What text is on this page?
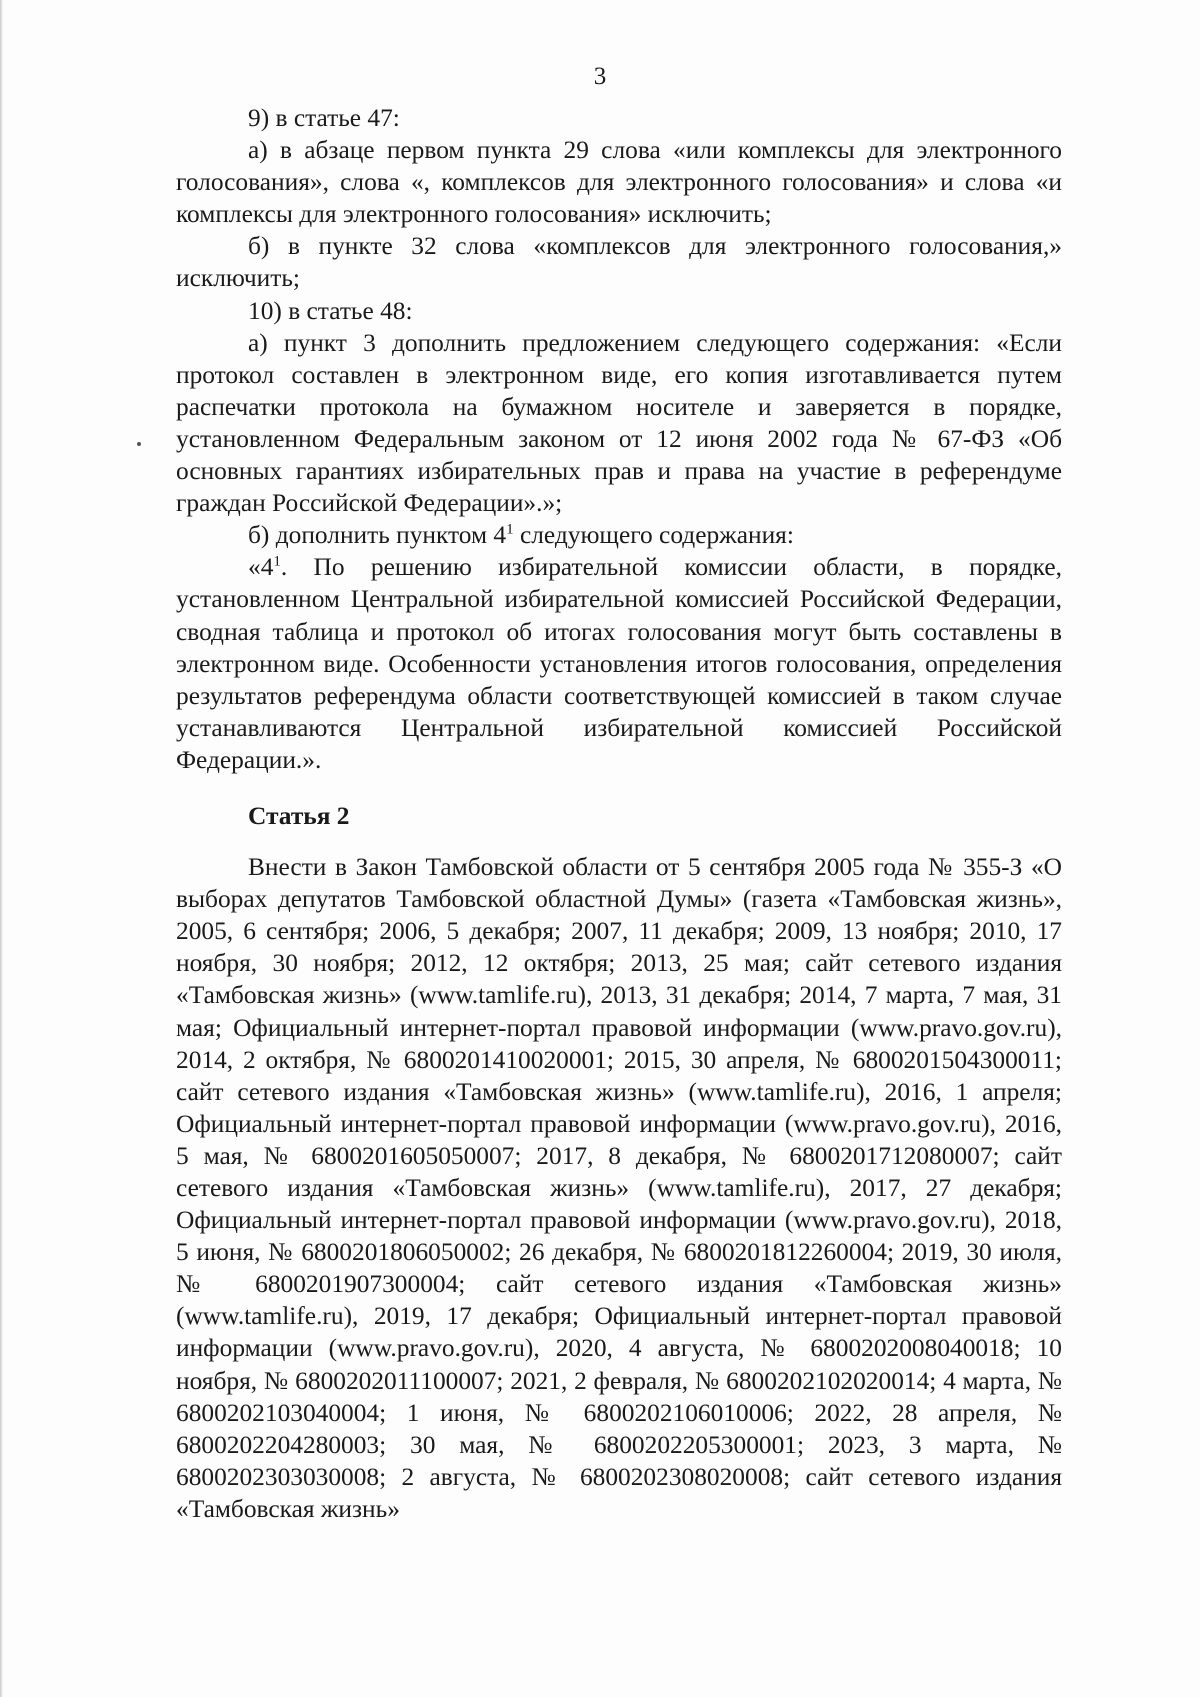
3

9) в статье 47:

а) в абзаце первом пункта 29 слова «или комплексы для электронного голосования», слова «, комплексов для электронного голосования» и слова «и комплексы для электронного голосования» исключить;

б) в пункте 32 слова «комплексов для электронного голосования,» исключить;

10) в статье 48:

а) пункт 3 дополнить предложением следующего содержания: «Если протокол составлен в электронном виде, его копия изготавливается путем распечатки протокола на бумажном носителе и заверяется в порядке, установленном Федеральным законом от 12 июня 2002 года № 67-ФЗ «Об основных гарантиях избирательных прав и права на участие в референдуме граждан Российской Федерации».»;

б) дополнить пунктом $4^1$ следующего содержания:

«$4^1$. По решению избирательной комиссии области, в порядке, установленном Центральной избирательной комиссией Российской Федерации, сводная таблица и протокол об итогах голосования могут быть составлены в электронном виде. Особенности установления итогов голосования, определения результатов референдума области соответствующей комиссией в таком случае устанавливаются Центральной избирательной комиссией Российской Федерации.».

Статья 2

Внести в Закон Тамбовской области от 5 сентября 2005 года № 355-З «О выборах депутатов Тамбовской областной Думы» (газета «Тамбовская жизнь», 2005, 6 сентября; 2006, 5 декабря; 2007, 11 декабря; 2009, 13 ноября; 2010, 17 ноября, 30 ноября; 2012, 12 октября; 2013, 25 мая; сайт сетевого издания «Тамбовская жизнь» (www.tamlife.ru), 2013, 31 декабря; 2014, 7 марта, 7 мая, 31 мая; Официальный интернет-портал правовой информации (www.pravo.gov.ru), 2014, 2 октября, № 6800201410020001; 2015, 30 апреля, № 6800201504300011; сайт сетевого издания «Тамбовская жизнь» (www.tamlife.ru), 2016, 1 апреля; Официальный интернет-портал правовой информации (www.pravo.gov.ru), 2016, 5 мая, № 6800201605050007; 2017, 8 декабря, № 6800201712080007; сайт сетевого издания «Тамбовская жизнь» (www.tamlife.ru), 2017, 27 декабря; Официальный интернет-портал правовой информации (www.pravo.gov.ru), 2018, 5 июня, № 6800201806050002; 26 декабря, № 6800201812260004; 2019, 30 июля, № 6800201907300004; сайт сетевого издания «Тамбовская жизнь» (www.tamlife.ru), 2019, 17 декабря; Официальный интернет-портал правовой информации (www.pravo.gov.ru), 2020, 4 августа, № 6800202008040018; 10 ноября, № 6800202011100007; 2021, 2 февраля, № 6800202102020014; 4 марта, № 6800202103040004; 1 июня, № 6800202106010006; 2022, 28 апреля, № 6800202204280003; 30 мая, № 6800202205300001; 2023, 3 марта, № 6800202303030008; 2 августа, № 6800202308020008; сайт сетевого издания «Тамбовская жизнь»
